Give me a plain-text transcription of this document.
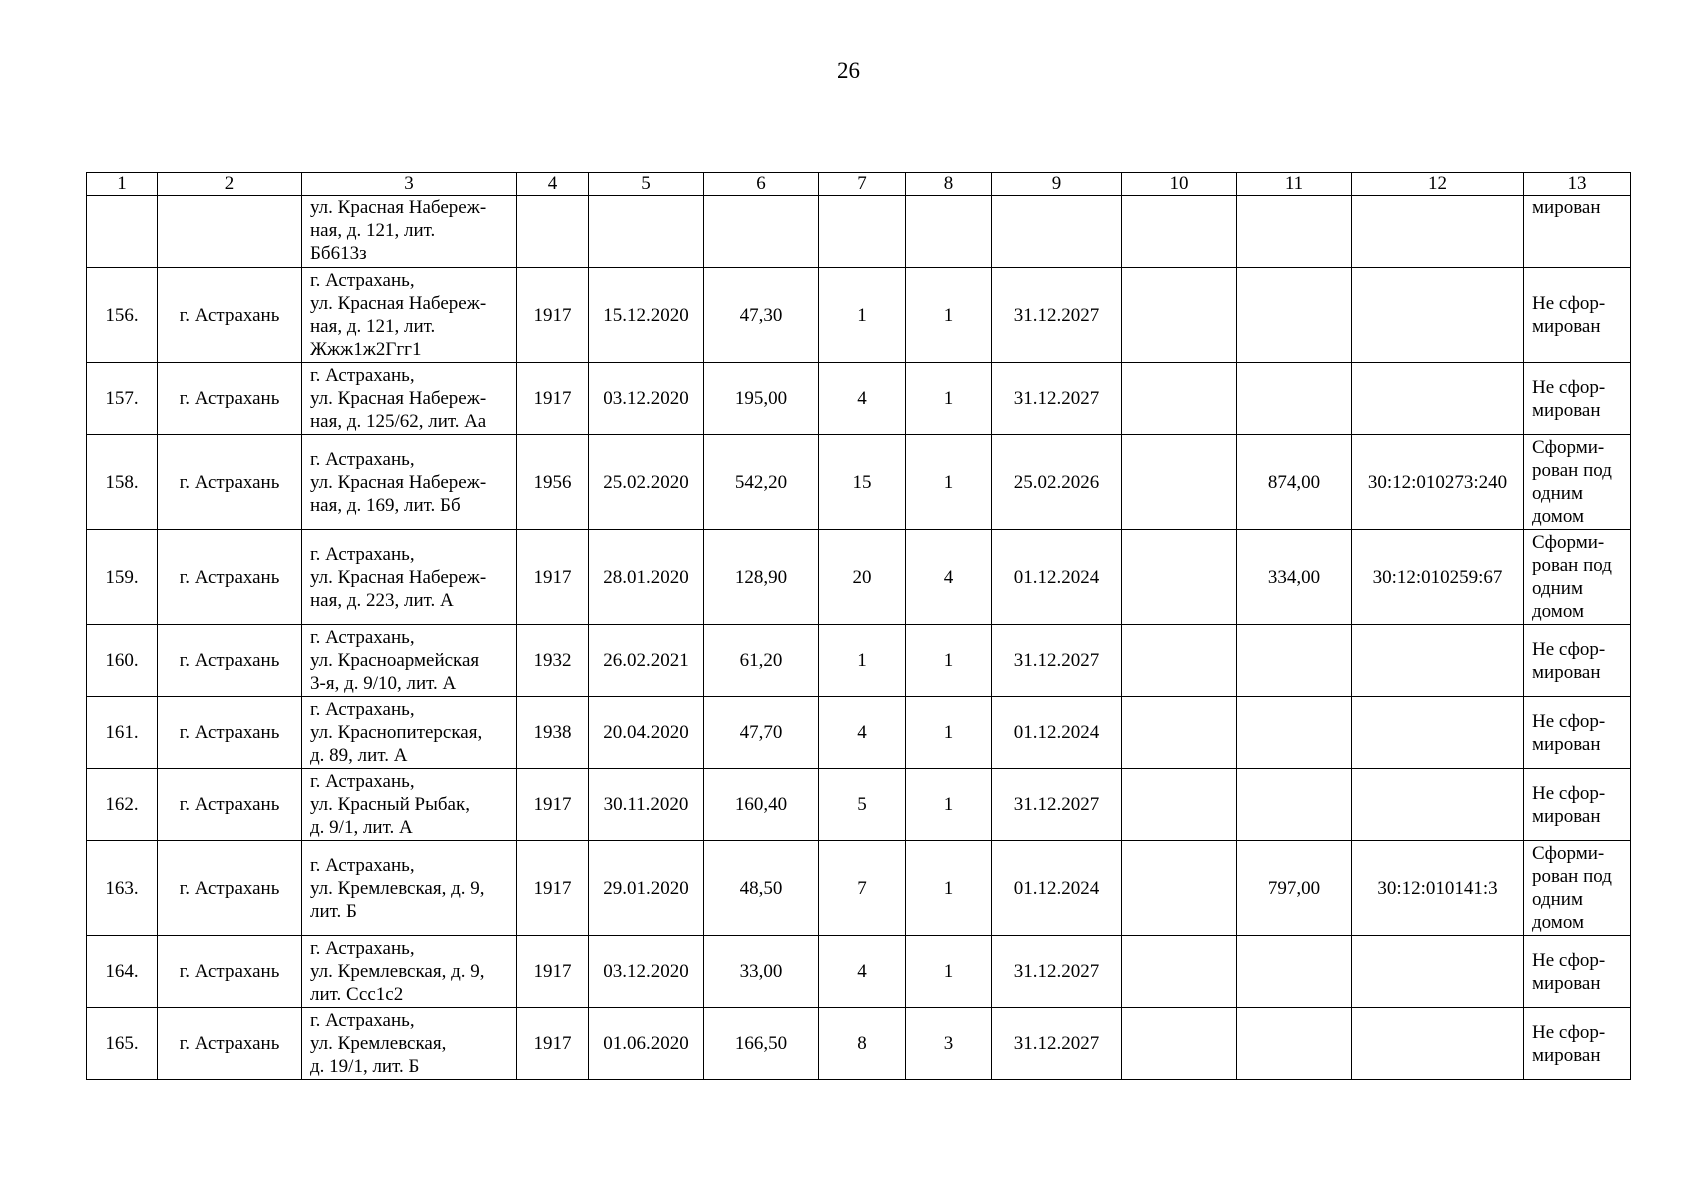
26
1	2	3	4	5	6	7	8	9	10	11	12	13

		ул. Красная Набереж-
ная, д. 121, лит.
Бб613з										мирован

156.	г. Астрахань	г. Астрахань,
ул. Красная Набереж-
ная, д. 121, лит.
Жжж1ж2Ггг1	1917	15.12.2020	47,30	1	1	31.12.2027				Не сфор-
мирован

157.	г. Астрахань	г. Астрахань,
ул. Красная Набереж-
ная, д. 125/62, лит. Аа	1917	03.12.2020	195,00	4	1	31.12.2027				Не сфор-
мирован

158.	г. Астрахань	г. Астрахань,
ул. Красная Набереж-
ная, д. 169, лит. Бб	1956	25.02.2020	542,20	15	1	25.02.2026		874,00	30:12:010273:240	Сформи-
рован под
одним
домом

159.	г. Астрахань	г. Астрахань,
ул. Красная Набереж-
ная, д. 223, лит. А	1917	28.01.2020	128,90	20	4	01.12.2024		334,00	30:12:010259:67	Сформи-
рован под
одним
домом

160.	г. Астрахань	г. Астрахань,
ул. Красноармейская
3-я, д. 9/10, лит. А	1932	26.02.2021	61,20	1	1	31.12.2027				Не сфор-
мирован

161.	г. Астрахань	г. Астрахань,
ул. Краснопитерская,
д. 89, лит. А	1938	20.04.2020	47,70	4	1	01.12.2024				Не сфор-
мирован

162.	г. Астрахань	г. Астрахань,
ул. Красный Рыбак,
д. 9/1, лит. А	1917	30.11.2020	160,40	5	1	31.12.2027				Не сфор-
мирован

163.	г. Астрахань	г. Астрахань,
ул. Кремлевская, д. 9,
лит. Б	1917	29.01.2020	48,50	7	1	01.12.2024		797,00	30:12:010141:3	Сформи-
рован под
одним
домом

164.	г. Астрахань	г. Астрахань,
ул. Кремлевская, д. 9,
лит. Ссс1с2	1917	03.12.2020	33,00	4	1	31.12.2027				Не сфор-
мирован

165.	г. Астрахань	г. Астрахань,
ул. Кремлевская,
д. 19/1, лит. Б	1917	01.06.2020	166,50	8	3	31.12.2027				Не сфор-
мирован
